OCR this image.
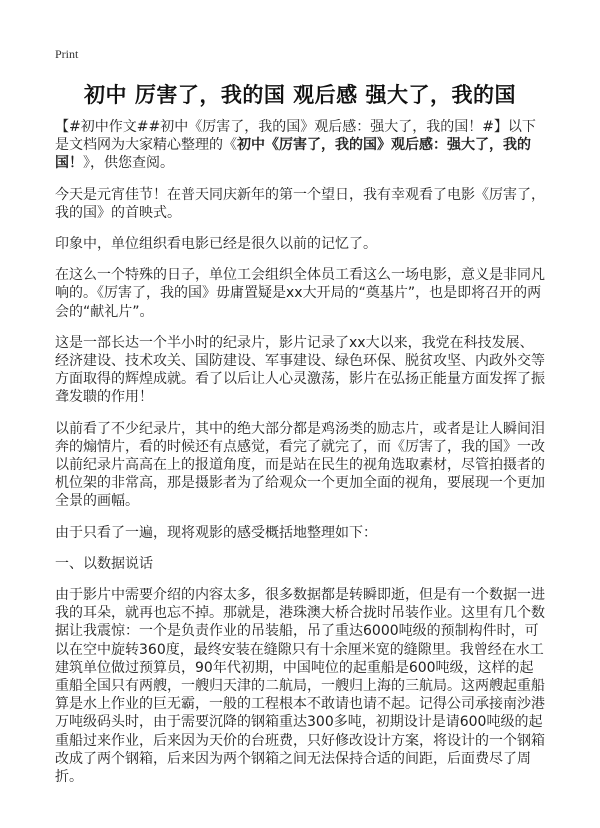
Print
初中 厉害了，我的国 观后感 强大了，我的国

【#初中作文##初中《厉害了，我的国》观后感：强大了，我的国！#】以下是文档网为大家精心整理的《初中《厉害了，我的国》观后感：强大了，我的国！》，供您查阅。

今天是元宵佳节！在普天同庆新年的第一个望日，我有幸观看了电影《厉害了，我的国》的首映式。

印象中，单位组织看电影已经是很久以前的记忆了。

在这么一个特殊的日子，单位工会组织全体员工看这么一场电影，意义是非同凡响的。《厉害了，我的国》毋庸置疑是xx大开局的“奠基片”，也是即将召开的两会的“献礼片”。

这是一部长达一个半小时的纪录片，影片记录了xx大以来，我党在科技发展、经济建设、技术攻关、国防建设、军事建设、绿色环保、脱贫攻坚、内政外交等方面取得的辉煌成就。看了以后让人心灵激荡，影片在弘扬正能量方面发挥了振聋发聩的作用！

以前看了不少纪录片，其中的绝大部分都是鸡汤类的励志片，或者是让人瞬间泪奔的煽情片，看的时候还有点感觉，看完了就完了，而《厉害了，我的国》一改以前纪录片高高在上的报道角度，而是站在民生的视角选取素材，尽管拍摄者的机位架的非常高，那是摄影者为了给观众一个更加全面的视角，要展现一个更加全景的画幅。

由于只看了一遍，现将观影的感受概括地整理如下：

一、以数据说话

由于影片中需要介绍的内容太多，很多数据都是转瞬即逝，但是有一个数据一进我的耳朵，就再也忘不掉。那就是，港珠澳大桥合拢时吊装作业。这里有几个数据让我震惊：一个是负责作业的吊装船，吊了重达6000吨级的预制构件时，可以在空中旋转360度，最终安装在缝隙只有十余厘米宽的缝隙里。我曾经在水工建筑单位做过预算员，90年代初期，中国吨位的起重船是600吨级，这样的起重船全国只有两艘，一艘归天津的二航局，一艘归上海的三航局。这两艘起重船算是水上作业的巨无霸，一般的工程根本不敢请也请不起。记得公司承接南沙港万吨级码头时，由于需要沉降的钢箱重达300多吨，初期设计是请600吨级的起重船过来作业，后来因为天价的台班费，只好修改设计方案，将设计的一个钢箱改成了两个钢箱，后来因为两个钢箱之间无法保持合适的间距，后面费尽了周折。
